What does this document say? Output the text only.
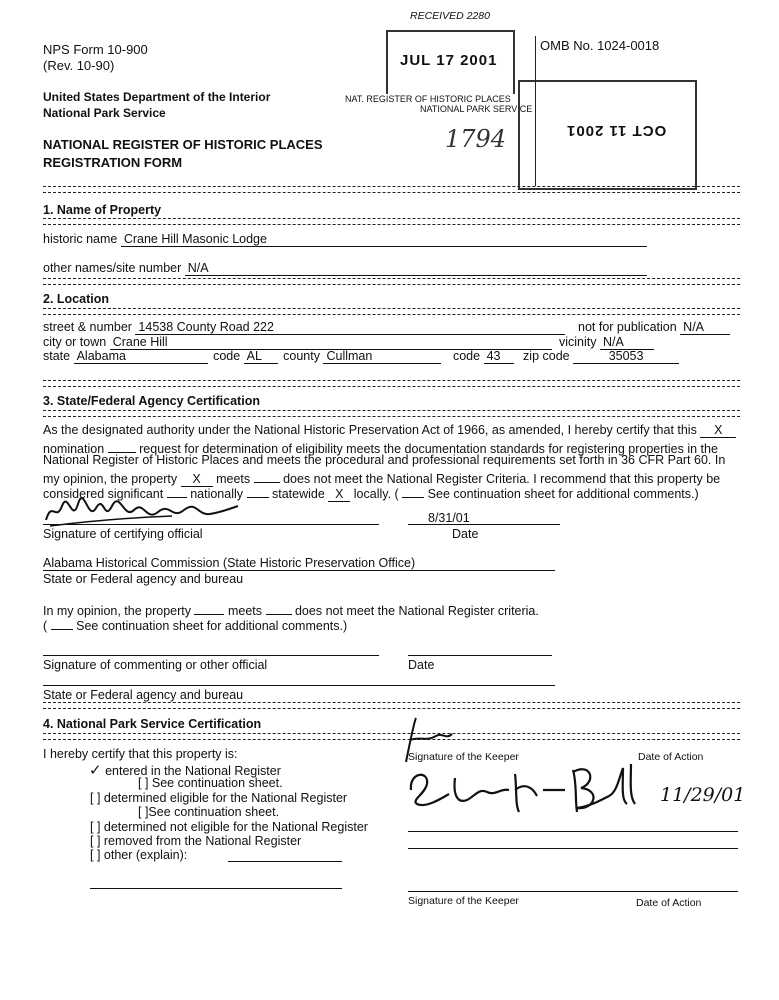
NPS Form 10-900
(Rev. 10-90)
OMB No. 1024-0018
United States Department of the Interior
National Park Service
NATIONAL REGISTER OF HISTORIC PLACES
REGISTRATION FORM
RECEIVED 2280
JUL 17 2001
NAT. REGISTER OF HISTORIC PLACES
NATIONAL PARK SERVICE
OCT 11 2001
1794
1. Name of Property
historic name Crane Hill Masonic Lodge
other names/site number N/A
2. Location
street & number 14538 County Road 222	not for publication N/A
city or town Crane Hill	vicinity N/A
state Alabama	code AL county Cullman	code 43 zip code	35053
3. State/Federal Agency Certification
As the designated authority under the National Historic Preservation Act of 1966, as amended, I hereby certify that this X
nomination	request for determination of eligibility meets the documentation standards for registering properties in the
National Register of Historic Places and meets the procedural and professional requirements set forth in 36 CFR Part 60. In
my opinion, the property X meets	does not meet the National Register Criteria. I recommend that this property be
considered significant nationally statewide X locally. ( See continuation sheet for additional comments.)
8/31/01
Signature of certifying official	Date
Alabama Historical Commission (State Historic Preservation Office)
State or Federal agency and bureau
In my opinion, the property	meets	does not meet the National Register criteria.
( See continuation sheet for additional comments.)
Signature of commenting or other official	Date
State or Federal agency and bureau
4. National Park Service Certification
I hereby certify that this property is:
✓ entered in the National Register
[ ] See continuation sheet.
[ ] determined eligible for the National Register
[ ]See continuation sheet.
[ ] determined not eligible for the National Register
[ ] removed from the National Register
[ ] other (explain):
Signature of the Keeper	Date of Action
11/29/01
Signature of the Keeper	Date of Action
